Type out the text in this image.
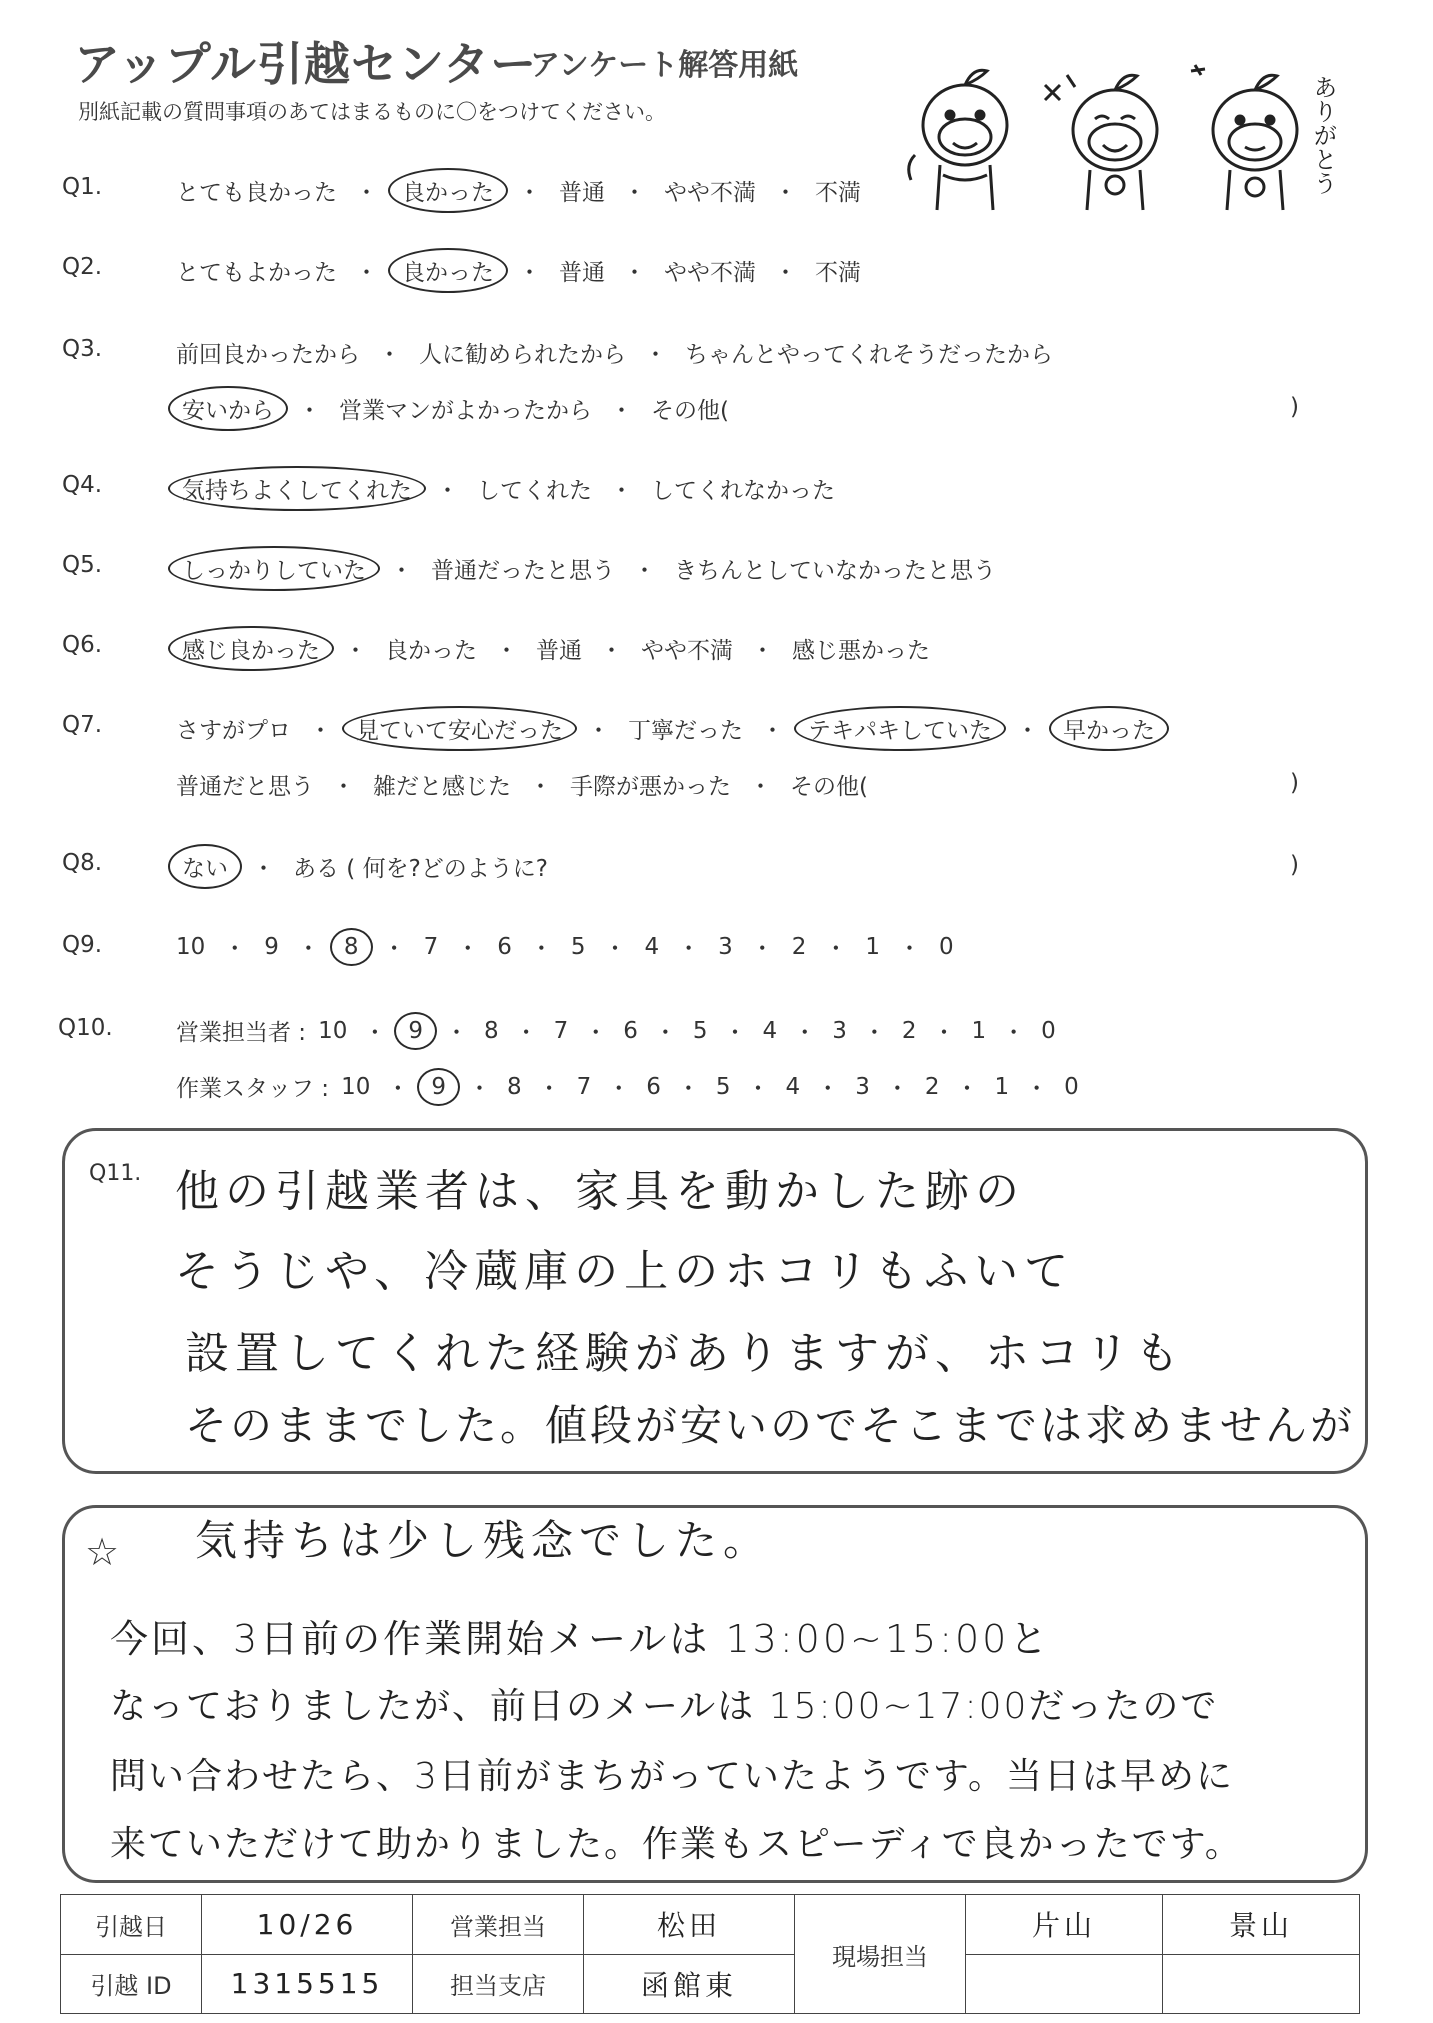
アップル引越センター
アンケート解答用紙
別紙記載の質問事項のあてはまるものに〇をつけてください。	ありがとう
Q1.	とても良かった ・	良かった	・ 普通 ・ やや不満 ・ 不満
Q2.	とてもよかった ・	良かった	・ 普通 ・ やや不満 ・ 不満
Q3.	前回良かったから ・ 人に勧められたから ・ ちゃんとやってくれそうだったから
安いから	・ 営業マンがよかったから ・ その他(	)
Q4.	気持ちよくしてくれた	・ してくれた ・ してくれなかった
Q5.	しっかりしていた	・ 普通だったと思う ・ きちんとしていなかったと思う
Q6.	感じ良かった	・ 良かった ・ 普通 ・ やや不満 ・ 感じ悪かった
Q7.	さすがプロ ・	見ていて安心だった	・ 丁寧だった ・	テキパキしていた	・	早かった
普通だと思う ・ 雑だと感じた ・ 手際が悪かった ・ その他(	)
Q8.	ない	・ ある ( 何を?どのように?	)
Q9.	10 ・ 9 ・	8	・ 7 ・ 6 ・ 5 ・ 4 ・ 3 ・ 2 ・ 1 ・ 0
Q10.	営業担当者 : 10 ・ 9 ・ 8 ・ 7 ・ 6 ・ 5 ・ 4 ・ 3 ・ 2 ・ 1 ・ 0
作業スタッフ : 10 ・ 9 ・ 8 ・ 7 ・ 6 ・ 5 ・ 4 ・ 3 ・ 2 ・ 1 ・ 0
Q11. 他の引越業者は、家具を動かした跡の
そうじや、冷蔵庫の上のホコリもふいて
設置してくれた経験がありますが、ホコリも
そのままでした。値段が安いのでそこまでは求めませんが
☆ 気持ちは少し残念でした。
今回、3日前の作業開始メールは 13:00~15:00と
なっておりましたが、前日のメールは 15:00~17:00だったので
問い合わせたら、3日前がまちがっていたようです。当日は早めに
来ていただけて助かりました。作業もスピーディで良かったです。
引越日	10/26	営業担当	松田	現場担当	片山	景山
引越 ID	1315515	担当支店	函館東			
